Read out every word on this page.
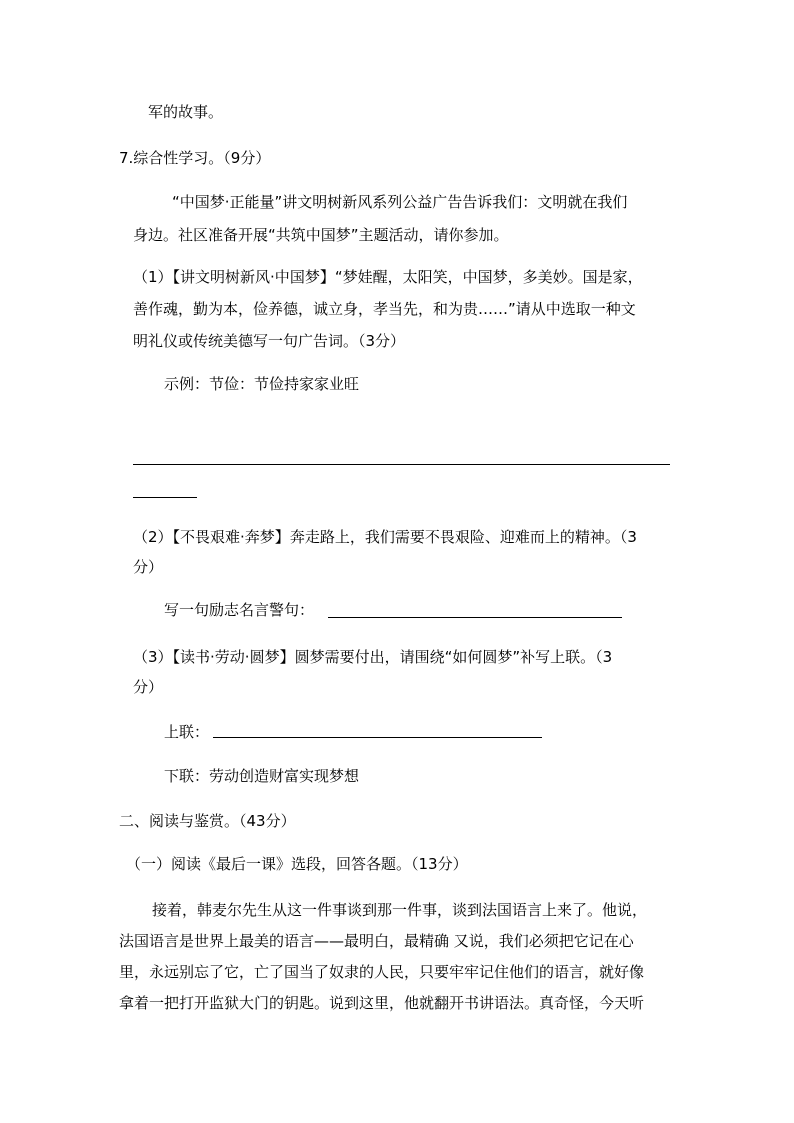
军的故事。
7.综合性学习。（9分）
“中国梦·正能量”讲文明树新风系列公益广告告诉我们：文明就在我们
身边。社区准备开展“共筑中国梦”主题活动，请你参加。
（1）【讲文明树新风·中国梦】“梦娃醒，太阳笑，中国梦，多美妙。国是家，
善作魂，勤为本，俭养德，诚立身，孝当先，和为贵……”请从中选取一种文
明礼仪或传统美德写一句广告词。（3分）
示例：节俭：节俭持家家业旺
（2）【不畏艰难·奔梦】奔走路上，我们需要不畏艰险、迎难而上的精神。（3
分）
写一句励志名言警句：
（3）【读书·劳动·圆梦】圆梦需要付出，请围绕“如何圆梦”补写上联。（3
分）
上联：
下联：劳动创造财富实现梦想
二、阅读与鉴赏。（43分）
（一）阅读《最后一课》选段，回答各题。（13分）
接着，韩麦尔先生从这一件事谈到那一件事，谈到法国语言上来了。他说，
法国语言是世界上最美的语言——最明白，最精确 又说，我们必须把它记在心
里，永远别忘了它，亡了国当了奴隶的人民，只要牢牢记住他们的语言，就好像
拿着一把打开监狱大门的钥匙。说到这里，他就翻开书讲语法。真奇怪，今天听
